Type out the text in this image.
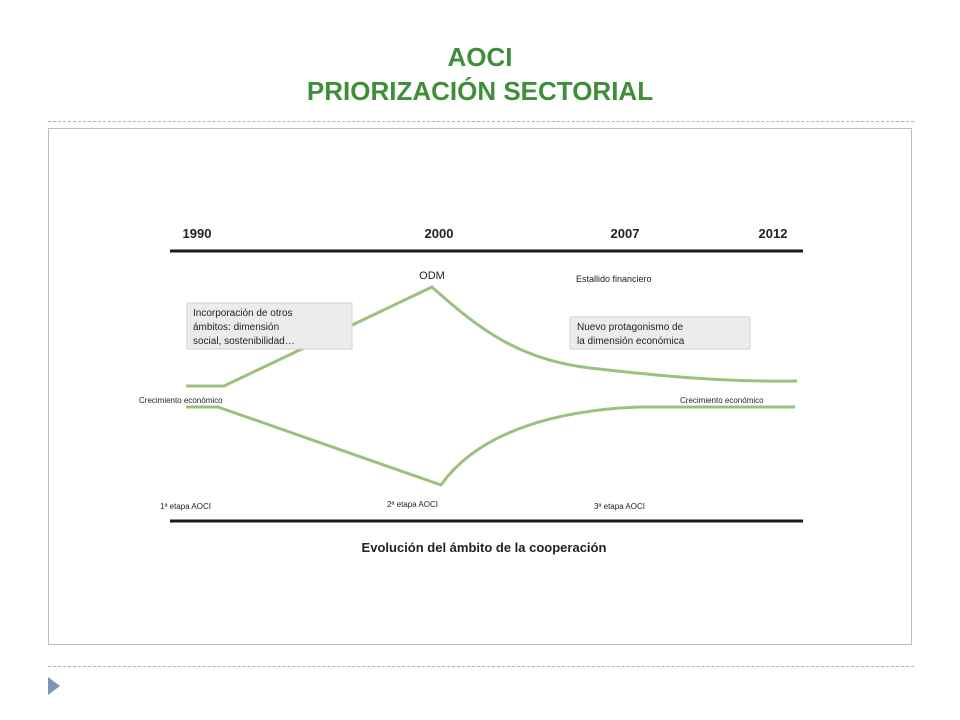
AOCI
PRIORIZACIÓN SECTORIAL
1990	2000	2007	2012
ODM	Estallido financiero
Incorporación de otros
ámbitos: dimensión
social, sostenibilidad…
Nuevo protagonismo de
la dimensión económica
Crecimiento económico	Crecimiento económico
1ª etapa AOCI	2ª etapa AOCI	3ª etapa AOCI
Evolución del ámbito de la cooperación
